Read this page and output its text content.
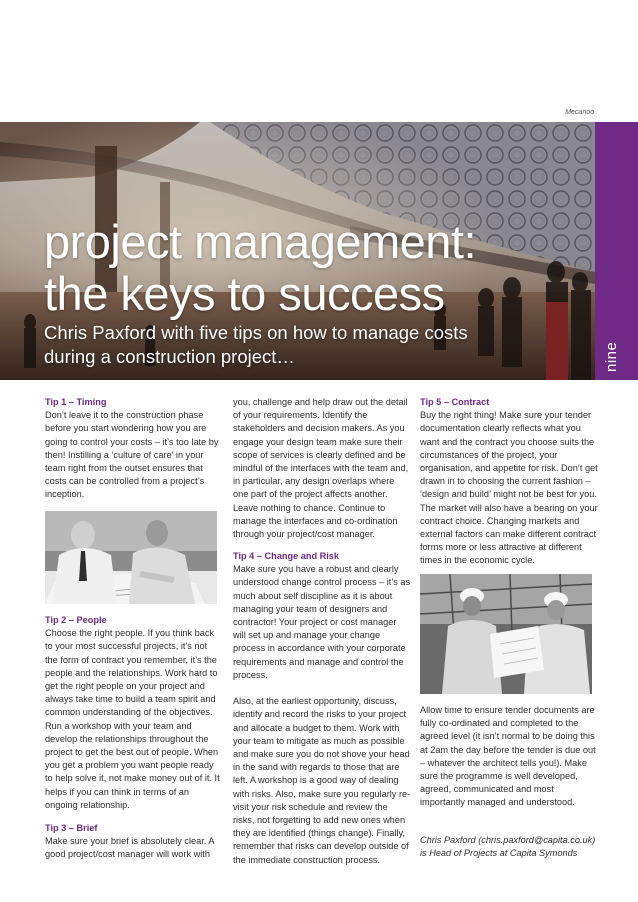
Mecanoo
project management:
the keys to success
Chris Paxford with five tips on how to manage costs
during a construction project…	nine
Tip 1 – Timing
Don’t leave it to the construction phase before you start wondering how you are going to control your costs – it’s too late by then! Instilling a ‘culture of care’ in your team right from the outset ensures that costs can be controlled from a project’s inception.
Tip 2 – People
Choose the right people. If you think back to your most successful projects, it’s not the form of contract you remember, it’s the people and the relationships. Work hard to get the right people on your project and always take time to build a team spirit and common understanding of the objectives. Run a workshop with your team and develop the relationships throughout the project to get the best out of people. When you get a problem you want people ready to help solve it, not make money out of it. It helps if you can think in terms of an ongoing relationship.
Tip 3 – Brief
Make sure your brief is absolutely clear. A good project/cost manager will work with
you, challenge and help draw out the detail of your requirements. Identify the stakeholders and decision makers. As you engage your design team make sure their scope of services is clearly defined and be mindful of the interfaces with the team and, in particular, any design overlaps where one part of the project affects another. Leave nothing to chance. Continue to manage the interfaces and co-ordination through your project/cost manager.
Tip 4 – Change and Risk
Make sure you have a robust and clearly understood change control process – it’s as much about self discipline as it is about managing your team of designers and contractor! Your project or cost manager will set up and manage your change process in accordance with your corporate requirements and manage and control the process.
Also, at the earliest opportunity, discuss, identify and record the risks to your project and allocate a budget to them. Work with your team to mitigate as much as possible and make sure you do not shove your head in the sand with regards to those that are left. A workshop is a good way of dealing with risks. Also, make sure you regularly re-visit your risk schedule and review the risks, not forgetting to add new ones when they are identified (things change). Finally, remember that risks can develop outside of the immediate construction process.
Tip 5 – Contract
Buy the right thing! Make sure your tender documentation clearly reflects what you want and the contract you choose suits the circumstances of the project, your organisation, and appetite for risk. Don’t get drawn in to choosing the current fashion – ‘design and build’ might not be best for you. The market will also have a bearing on your contract choice. Changing markets and external factors can make different contract forms more or less attractive at different times in the economic cycle.
Allow time to ensure tender documents are fully co-ordinated and completed to the agreed level (it isn’t normal to be doing this at 2am the day before the tender is due out – whatever the architect tells you!). Make sure the programme is well developed, agreed, communicated and most importantly managed and understood.
Chris Paxford (chris.paxford@capita.co.uk)
is Head of Projects at Capita Symonds
